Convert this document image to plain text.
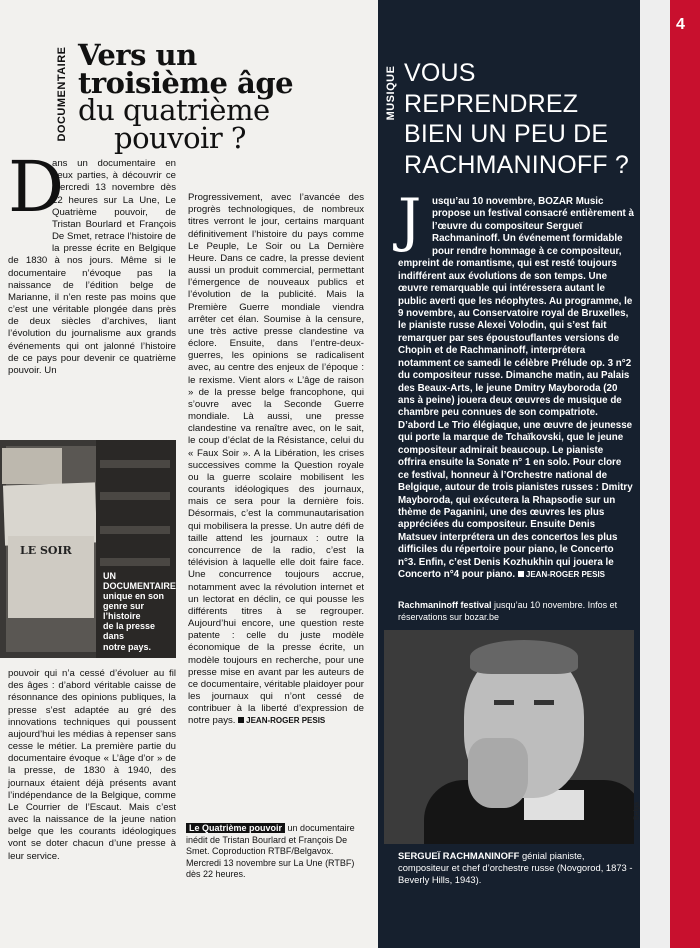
4
DOCUMENTAIRE Vers un
troisième âge
du quatrième
pouvoir ?
D
ans un documentaire en deux parties, à découvrir ce mercredi 13 novembre dès 22 heures sur La Une, Le Quatrième pouvoir, de Tristan Bourlard et François De Smet, retrace l’histoire de la presse écrite en Belgique de 1830 à nos jours. Même si le documentaire n’évoque pas la naissance de l’édition belge de Marianne, il n’en reste pas moins que c’est une véritable plongée dans près de deux siècles d’archives, liant l’évolution du journalisme aux grands événements qui ont jalonné l’histoire de ce pays pour devenir ce quatrième pouvoir. Un
LE SOIR
UN DOCUMENTAIRE
unique en son
genre sur l’histoire
de la presse dans
notre pays.
pouvoir qui n’a cessé d’évoluer au fil des âges : d’abord véritable caisse de résonnance des opinions publiques, la presse s’est adaptée au gré des innovations techniques qui poussent aujourd’hui les médias à repenser sans cesse le métier. La première partie du documentaire évoque « L’âge d’or » de la presse, de 1830 à 1940, des journaux étaient déjà présents avant l’indépendance de la Belgique, comme Le Courrier de l’Escaut. Mais c’est avec la naissance de la jeune nation belge que les courants idéologiques vont se doter chacun d’une presse à leur service.
Progressivement, avec l’avancée des progrès technologiques, de nombreux titres verront le jour, certains marquant définitivement l’histoire du pays comme Le Peuple, Le Soir ou La Dernière Heure. Dans ce cadre, la presse devient aussi un produit commercial, permettant l’émergence de nouveaux publics et l’évolution de la publicité. Mais la Première Guerre mondiale viendra arrêter cet élan. Soumise à la censure, une très active presse clandestine va éclore. Ensuite, dans l’entre-deux-guerres, les opinions se radicalisent avec, au centre des enjeux de l’époque : le rexisme. Vient alors « L’âge de raison » de la presse belge francophone, qui s’ouvre avec la Seconde Guerre mondiale. Là aussi, une presse clandestine va renaître avec, on le sait, le coup d’éclat de la Résistance, celui du « Faux Soir ». A la Libération, les crises successives comme la Question royale ou la guerre scolaire mobilisent les courants idéologiques des journaux, mais ce sera pour la dernière fois. Désormais, c’est la communautarisation qui mobilisera la presse. Un autre défi de taille attend les journaux : outre la concurrence de la radio, c’est la télévision à laquelle elle doit faire face. Une concurrence toujours accrue, notamment avec la révolution internet et un lectorat en déclin, ce qui pousse les différents titres à se regrouper. Aujourd’hui encore, une question reste patente : celle du juste modèle économique de la presse écrite, un modèle toujours en recherche, pour une presse mise en avant par les auteurs de ce documentaire, véritable plaidoyer pour les journaux qui n’ont cessé de contribuer à la liberté d’expression de notre pays. JEAN-ROGER PESIS
Le Quatrième pouvoir un documentaire inédit de Tristan Bourlard et François De Smet. Coproduction RTBF/Belgavox. Mercredi 13 novembre sur La Une (RTBF) dès 22 heures.
MUSIQUE VOUS REPRENDREZ
BIEN UN PEU DE
RACHMANINOFF ?
J	usqu’au 10 novembre, BOZAR Music propose un festival consacré entièrement à l’œuvre du compositeur Sergueï Rachmaninoff. Un événement formidable pour rendre hommage à ce compositeur, empreint de romantisme, qui est resté toujours indifférent aux évolutions de son temps. Une œuvre remarquable qui intéressera autant le public averti que les néophytes. Au programme, le 9 novembre, au Conservatoire royal de Bruxelles, le pianiste russe Alexei Volodin, qui s’est fait remarquer par ses époustouflantes versions de Chopin et de Rachmaninoff, interprétera notamment ce samedi le célèbre Prélude op. 3 n°2 du compositeur russe. Dimanche matin, au Palais des Beaux-Arts, le jeune Dmitry Mayboroda (20 ans à peine) jouera deux œuvres de musique de chambre peu connues de son compatriote. D’abord Le Trio élégiaque, une œuvre de jeunesse qui porte la marque de Tchaïkovski, que le jeune compositeur admirait beaucoup. Le pianiste offrira ensuite la Sonate n° 1 en solo. Pour clore ce festival, honneur à l’Orchestre national de Belgique, autour de trois pianistes russes : Dmitry Mayboroda, qui exécutera la Rhapsodie sur un thème de Paganini, une des œuvres les plus appréciées du compositeur. Ensuite Denis Matsuev interprétera un des concertos les plus difficiles du répertoire pour piano, le Concerto n°3. Enfin, c’est Denis Kozhukhin qui jouera le Concerto n°4 pour piano. JEAN-ROGER PESIS
Rachmaninoff festival jusqu’au 10 novembre. Infos et réservations sur bozar.be
Belga
SERGUEÏ RACHMANINOFF génial pianiste, compositeur et chef d’orchestre russe (Novgorod, 1873 - Beverly Hills, 1943).
